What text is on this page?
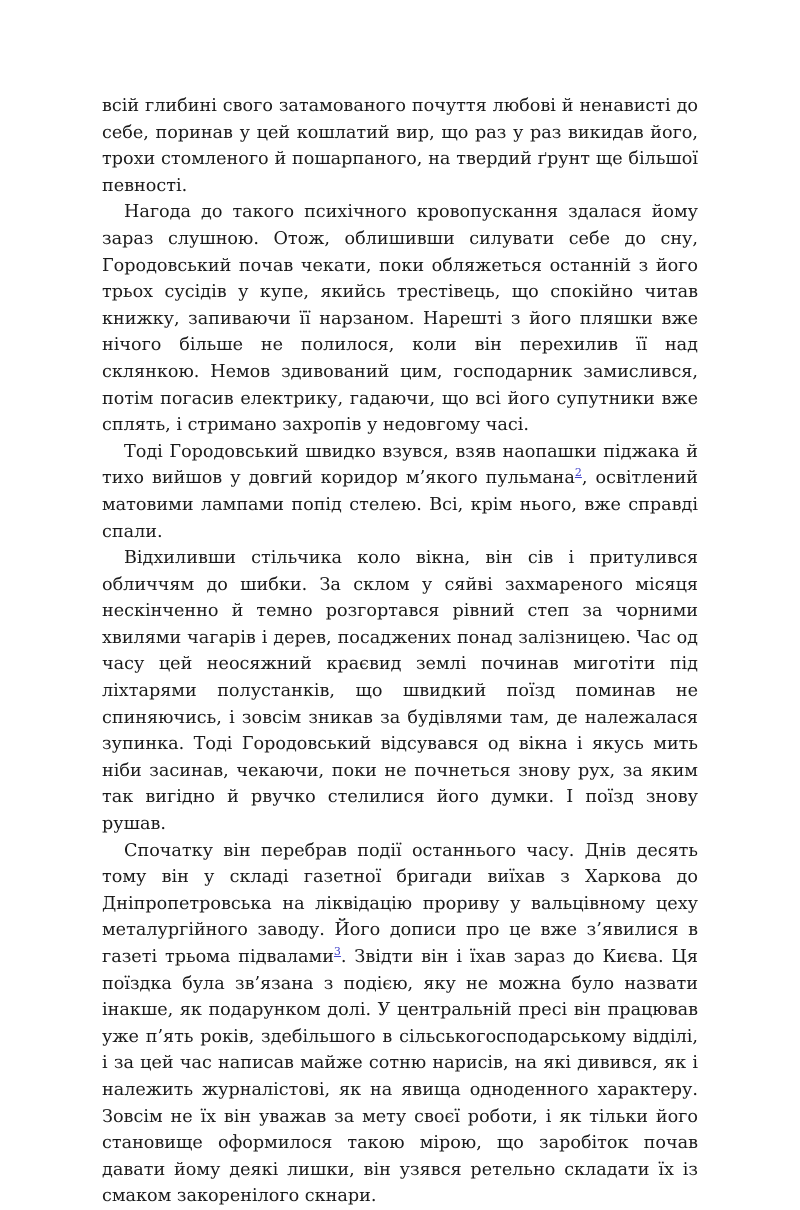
всій глибині свого затамованого почуття любові й ненависті до себе, поринав у цей кошлатий вир, що раз у раз викидав його, трохи стомленого й пошарпаного, на твердий ґрунт ще більшої певності.

Нагода до такого психічного кровопускання здалася йому зараз слушною. Отож, облишивши силувати себе до сну, Городовський почав чекати, поки обляжеться останній з його трьох сусідів у купе, якийсь трестівець, що спокійно читав книжку, запиваючи її нарзаном. Нарешті з його пляшки вже нічого більше не полилося, коли він перехилив її над склянкою. Немов здивований цим, господарник замислився, потім погасив електрику, гадаючи, що всі його супутники вже сплять, і стримано захропів у недовгому часі.

Тоді Городовський швидко взувся, взяв наопашки піджака й тихо вийшов у довгий коридор м’якого пульмана$^2$, освітлений матовими лампами попід стелею. Всі, крім нього, вже справді спали.

Відхиливши стільчика коло вікна, він сів і притулився обличчям до шибки. За склом у сяйві захмареного місяця нескінченно й темно розгортався рівний степ за чорними хвилями чагарів і дерев, посаджених понад залізницею. Час од часу цей неосяжний краєвид землі починав миготіти під ліхтарями полустанків, що швидкий поїзд поминав не спиняючись, і зовсім зникав за будівлями там, де належалася зупинка. Тоді Городовський відсувався од вікна і якусь мить ніби засинав, чекаючи, поки не почнеться знову рух, за яким так вигідно й рвучко стелилися його думки. І поїзд знову рушав.

Спочатку він перебрав події останнього часу. Днів десять тому він у складі газетної бригади виїхав з Харкова до Дніпропетровська на ліквідацію прориву у вальцівному цеху металургійного заводу. Його дописи про це вже з’явилися в газеті трьома підвалами$^3$. Звідти він і їхав зараз до Києва. Ця поїздка була зв’язана з подією, яку не можна було назвати інакше, як подарунком долі. У центральній пресі він працював уже п’ять років, здебільшого в сільськогосподарському відділі, і за цей час написав майже сотню нарисів, на які дивився, як і належить журналістові, як на явища одноденного характеру. Зовсім не їх він уважав за мету своєї роботи, і як тільки його становище оформилося такою мірою, що заробіток почав давати йому деякі лишки, він узявся ретельно складати їх із смаком закоренілого скнари.
